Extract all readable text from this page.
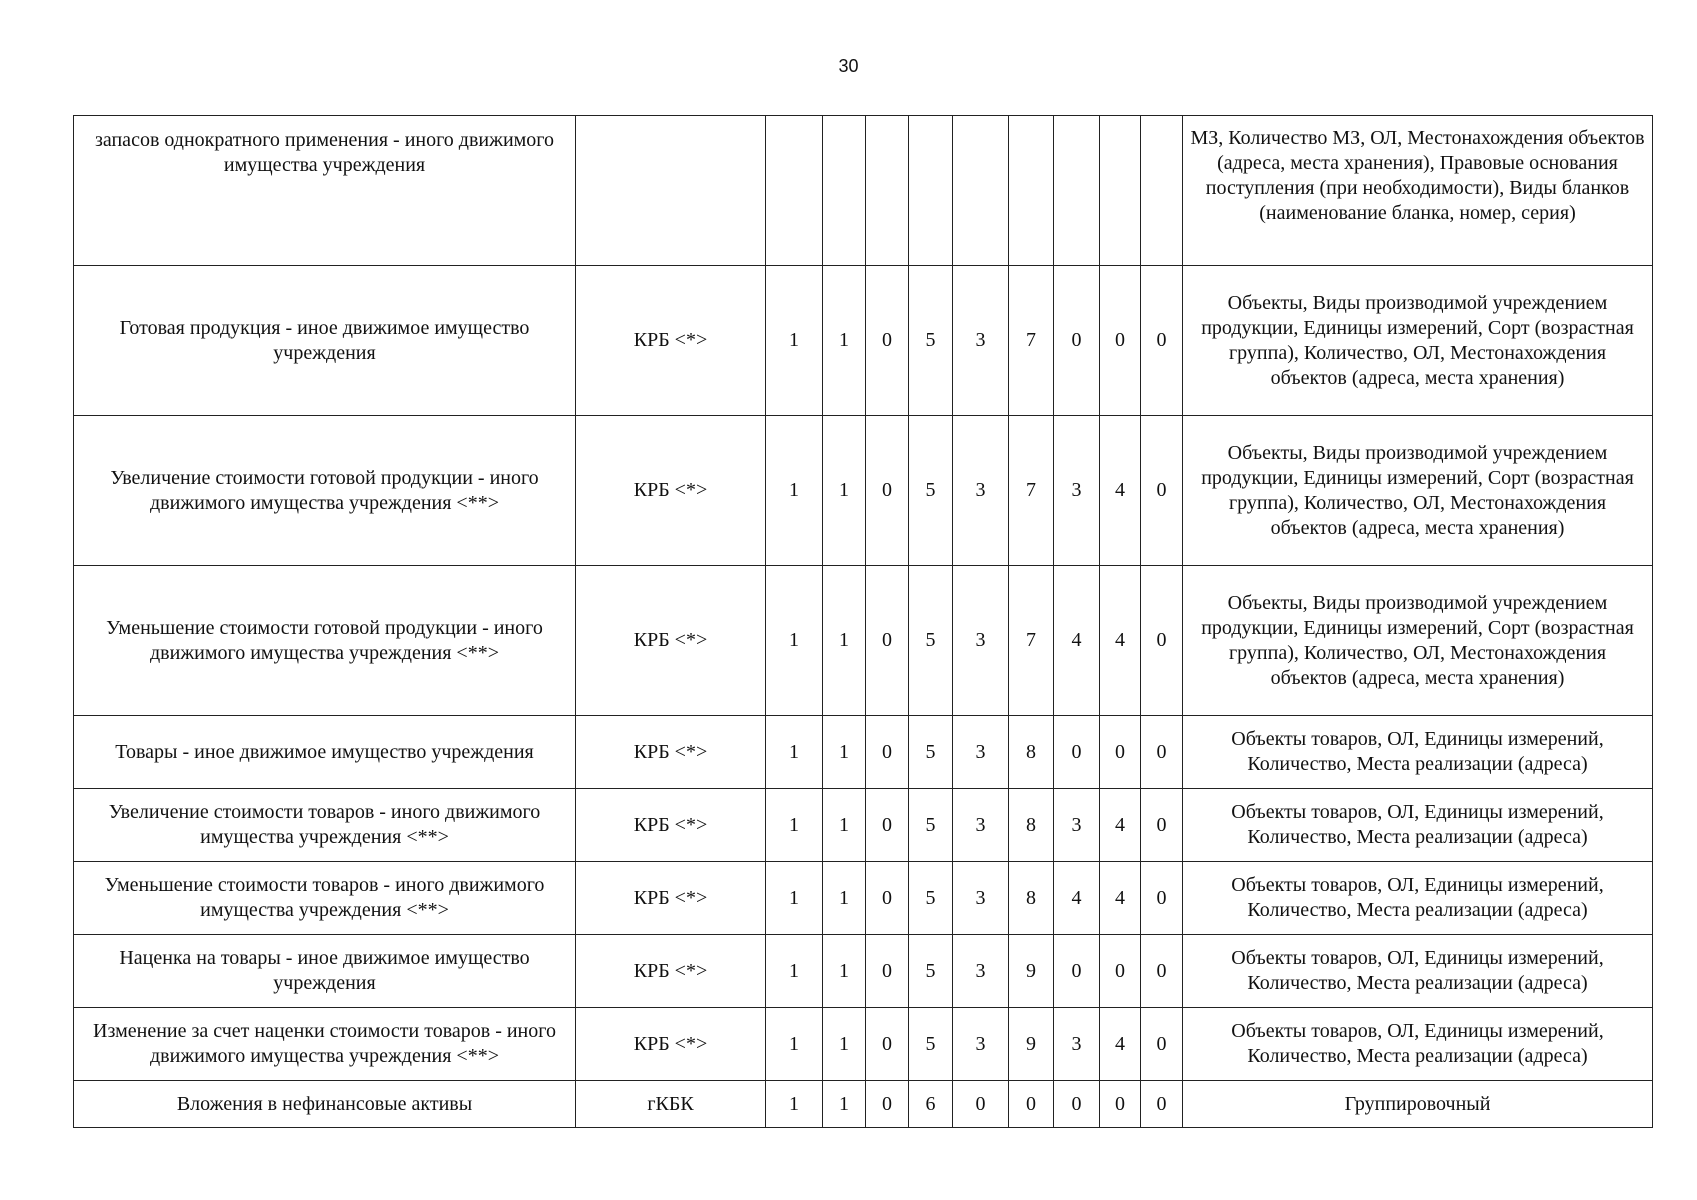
30
запасов однократного применения - иного движимого имущества учреждения											МЗ, Количество МЗ, ОЛ, Местонахождения объектов (адреса, места хранения), Правовые основания поступления (при необходимости), Виды бланков (наименование бланка, номер, серия)
Готовая продукция - иное движимое имущество учреждения	КРБ <*>	1	1	0	5	3	7	0	0	0	Объекты, Виды производимой учреждением продукции, Единицы измерений, Сорт (возрастная группа), Количество, ОЛ, Местонахождения объектов (адреса, места хранения)
Увеличение стоимости готовой продукции - иного движимого имущества учреждения <**>	КРБ <*>	1	1	0	5	3	7	3	4	0	Объекты, Виды производимой учреждением продукции, Единицы измерений, Сорт (возрастная группа), Количество, ОЛ, Местонахождения объектов (адреса, места хранения)
Уменьшение стоимости готовой продукции - иного движимого имущества учреждения <**>	КРБ <*>	1	1	0	5	3	7	4	4	0	Объекты, Виды производимой учреждением продукции, Единицы измерений, Сорт (возрастная группа), Количество, ОЛ, Местонахождения объектов (адреса, места хранения)
Товары - иное движимое имущество учреждения	КРБ <*>	1	1	0	5	3	8	0	0	0	Объекты товаров, ОЛ, Единицы измерений, Количество, Места реализации (адреса)
Увеличение стоимости товаров - иного движимого имущества учреждения <**>	КРБ <*>	1	1	0	5	3	8	3	4	0	Объекты товаров, ОЛ, Единицы измерений, Количество, Места реализации (адреса)
Уменьшение стоимости товаров - иного движимого имущества учреждения <**>	КРБ <*>	1	1	0	5	3	8	4	4	0	Объекты товаров, ОЛ, Единицы измерений, Количество, Места реализации (адреса)
Наценка на товары - иное движимое имущество учреждения	КРБ <*>	1	1	0	5	3	9	0	0	0	Объекты товаров, ОЛ, Единицы измерений, Количество, Места реализации (адреса)
Изменение за счет наценки стоимости товаров - иного движимого имущества учреждения <**>	КРБ <*>	1	1	0	5	3	9	3	4	0	Объекты товаров, ОЛ, Единицы измерений, Количество, Места реализации (адреса)
Вложения в нефинансовые активы	гКБК	1	1	0	6	0	0	0	0	0	Группировочный
